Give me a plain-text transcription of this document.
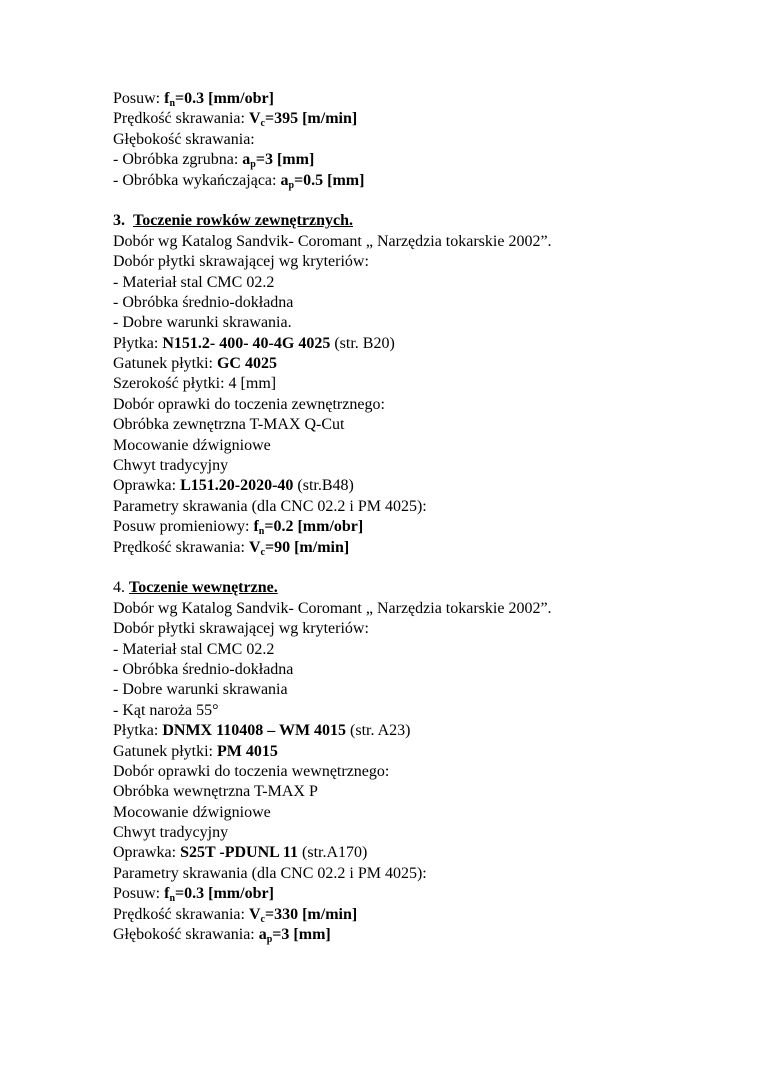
Posuw: $f_n=0.3$ [mm/obr]
Prędkość skrawania: $V_c=395$ [m/min]
Głębokość skrawania:
- Obróbka zgrubna: $a_p=3$ [mm]
- Obróbka wykańczająca: $a_p=0.5$ [mm]
3. Toczenie rowków zewnętrznych.
Dobór wg Katalog Sandvik- Coromant „ Narzędzia tokarskie 2002”.
Dobór płytki skrawającej wg kryteriów:
- Materiał stal CMC 02.2
- Obróbka średnio-dokładna
- Dobre warunki skrawania.
Płytka: N151.2- 400- 40-4G 4025 (str. B20)
Gatunek płytki: GC 4025
Szerokość płytki: 4 [mm]
Dobór oprawki do toczenia zewnętrznego:
Obróbka zewnętrzna T-MAX Q-Cut
Mocowanie dźwigniowe
Chwyt tradycyjny
Oprawka: L151.20-2020-40 (str.B48)
Parametry skrawania (dla CNC 02.2 i PM 4025):
Posuw promieniowy: $f_n=0.2$ [mm/obr]
Prędkość skrawania: $V_c=90$ [m/min]
4. Toczenie wewnętrzne.
Dobór wg Katalog Sandvik- Coromant „ Narzędzia tokarskie 2002”.
Dobór płytki skrawającej wg kryteriów:
- Materiał stal CMC 02.2
- Obróbka średnio-dokładna
- Dobre warunki skrawania
- Kąt naroża 55°
Płytka: DNMX 110408 – WM 4015 (str. A23)
Gatunek płytki: PM 4015
Dobór oprawki do toczenia wewnętrznego:
Obróbka wewnętrzna T-MAX P
Mocowanie dźwigniowe
Chwyt tradycyjny
Oprawka: S25T -PDUNL 11 (str.A170)
Parametry skrawania (dla CNC 02.2 i PM 4025):
Posuw: $f_n=0.3$ [mm/obr]
Prędkość skrawania: $V_c=330$ [m/min]
Głębokość skrawania: $a_p=3$ [mm]
